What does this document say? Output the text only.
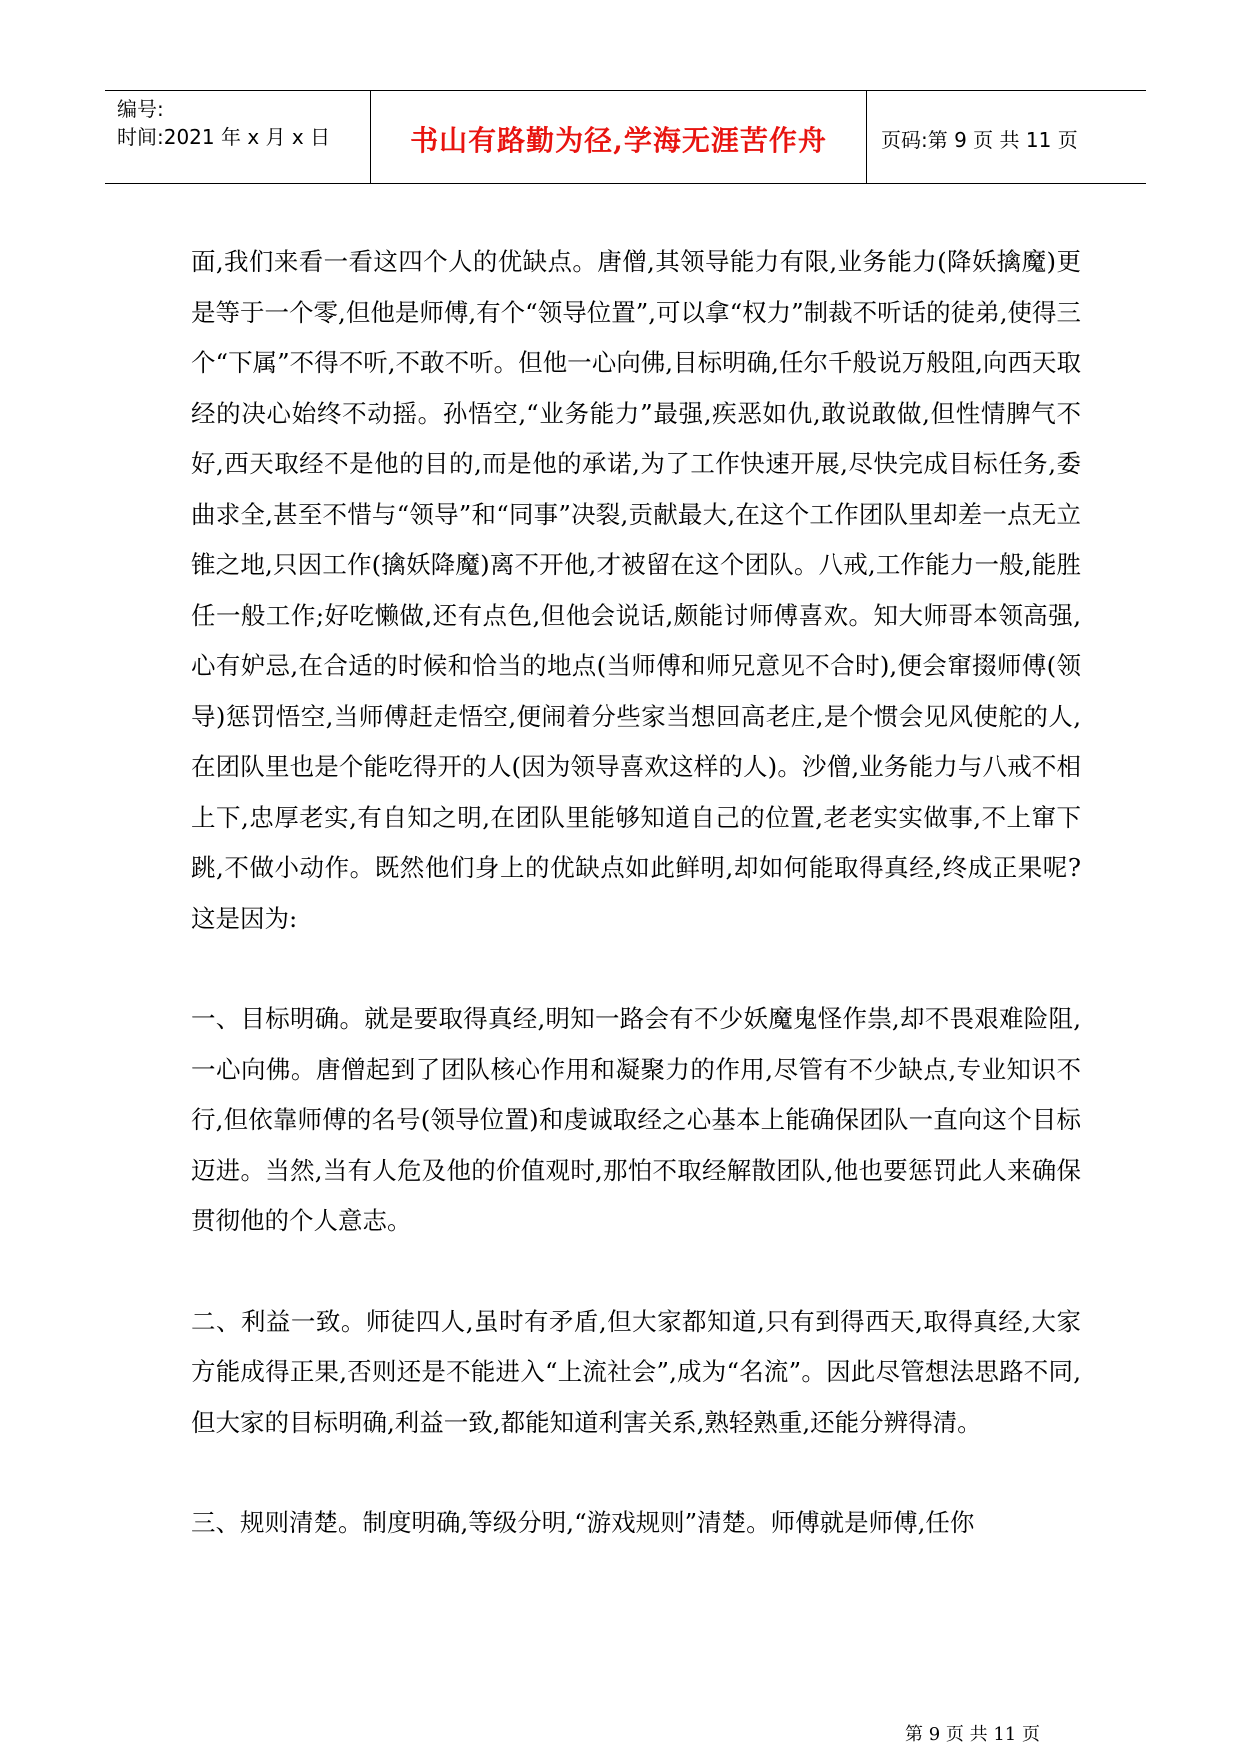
编号:
时间:2021 年 x 月 x 日	书山有路勤为径,学海无涯苦作舟	页码:第 9 页 共 11 页

面,我们来看一看这四个人的优缺点。唐僧,其领导能力有限,业务能力(降妖擒魔)更是等于一个零,但他是师傅,有个“领导位置”,可以拿“权力”制裁不听话的徒弟,使得三个“下属”不得不听,不敢不听。但他一心向佛,目标明确,任尔千般说万般阻,向西天取经的决心始终不动摇。孙悟空,“业务能力”最强,疾恶如仇,敢说敢做,但性情脾气不好,西天取经不是他的目的,而是他的承诺,为了工作快速开展,尽快完成目标任务,委曲求全,甚至不惜与“领导”和“同事”决裂,贡献最大,在这个工作团队里却差一点无立锥之地,只因工作(擒妖降魔)离不开他,才被留在这个团队。八戒,工作能力一般,能胜任一般工作;好吃懒做,还有点色,但他会说话,颇能讨师傅喜欢。知大师哥本领高强,心有妒忌,在合适的时候和恰当的地点(当师傅和师兄意见不合时),便会窜掇师傅(领导)惩罚悟空,当师傅赶走悟空,便闹着分些家当想回高老庄,是个惯会见风使舵的人,在团队里也是个能吃得开的人(因为领导喜欢这样的人)。沙僧,业务能力与八戒不相上下,忠厚老实,有自知之明,在团队里能够知道自己的位置,老老实实做事,不上窜下跳,不做小动作。既然他们身上的优缺点如此鲜明,却如何能取得真经,终成正果呢?这是因为:

一、目标明确。就是要取得真经,明知一路会有不少妖魔鬼怪作祟,却不畏艰难险阻,一心向佛。唐僧起到了团队核心作用和凝聚力的作用,尽管有不少缺点,专业知识不行,但依靠师傅的名号(领导位置)和虔诚取经之心基本上能确保团队一直向这个目标迈进。当然,当有人危及他的价值观时,那怕不取经解散团队,他也要惩罚此人来确保贯彻他的个人意志。

二、利益一致。师徒四人,虽时有矛盾,但大家都知道,只有到得西天,取得真经,大家方能成得正果,否则还是不能进入“上流社会”,成为“名流”。因此尽管想法思路不同,但大家的目标明确,利益一致,都能知道利害关系,熟轻熟重,还能分辨得清。

三、规则清楚。制度明确,等级分明,“游戏规则”清楚。师傅就是师傅,任你

第 9 页 共 11 页
